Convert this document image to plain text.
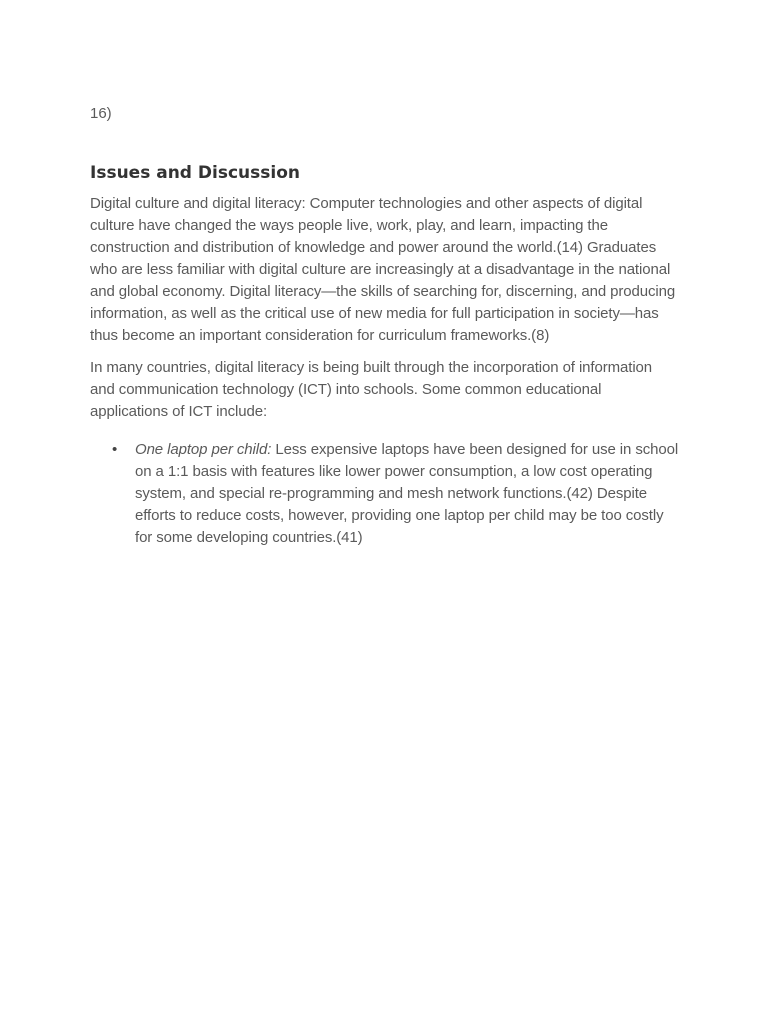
16)

Issues and Discussion

Digital culture and digital literacy: Computer technologies and other aspects of digital culture have changed the ways people live, work, play, and learn, impacting the construction and distribution of knowledge and power around the world.(14) Graduates who are less familiar with digital culture are increasingly at a disadvantage in the national and global economy. Digital literacy—the skills of searching for, discerning, and producing information, as well as the critical use of new media for full participation in society—has thus become an important consideration for curriculum frameworks.(8)

In many countries, digital literacy is being built through the incorporation of information and communication technology (ICT) into schools. Some common educational applications of ICT include:

• One laptop per child: Less expensive laptops have been designed for use in school on a 1:1 basis with features like lower power consumption, a low cost operating system, and special re-programming and mesh network functions.(42) Despite efforts to reduce costs, however, providing one laptop per child may be too costly for some developing countries.(41)
